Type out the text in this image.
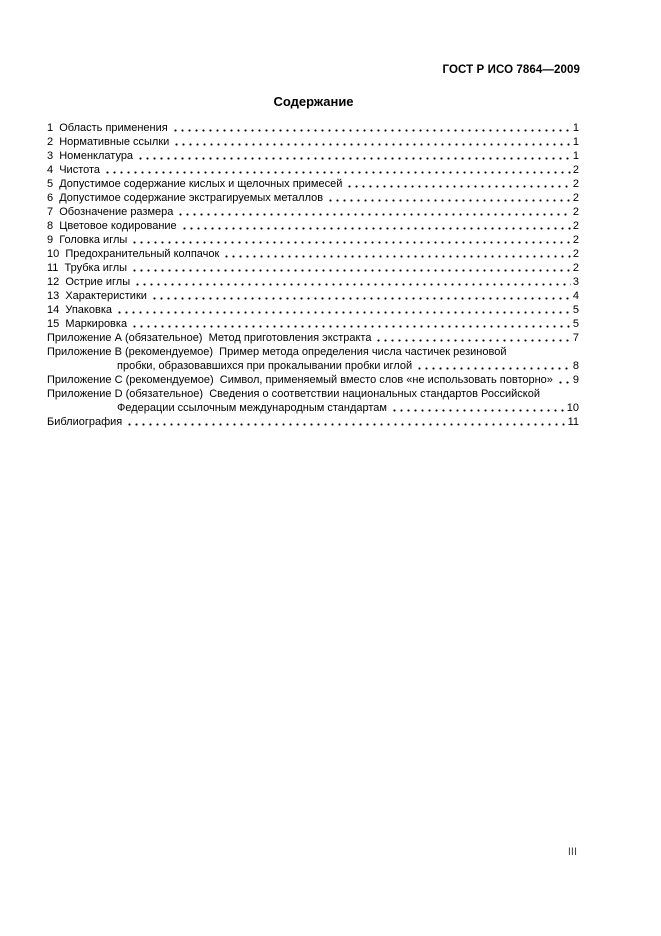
ГОСТ Р ИСО 7864—2009
Содержание
1  Область применения	1
2  Нормативные ссылки	1
3  Номенклатура	1
4  Чистота	2
5  Допустимое содержание кислых и щелочных примесей	2
6  Допустимое содержание экстрагируемых металлов	2
7  Обозначение размера	2
8  Цветовое кодирование	2
9  Головка иглы	2
10  Предохранительный колпачок	2
11  Трубка иглы	2
12  Острие иглы	3
13  Характеристики	4
14  Упаковка	5
15  Маркировка	5
Приложение А (обязательное)  Метод приготовления экстракта	7
Приложение В (рекомендуемое)  Пример метода определения числа частичек резиновой
пробки, образовавшихся при прокалывании пробки иглой	8
Приложение С (рекомендуемое)  Символ, применяемый вместо слов «не использовать повторно» 9
Приложение D (обязательное)  Сведения о соответствии национальных стандартов Российской
Федерации ссылочным международным стандартам	10
Библиография	11
III
